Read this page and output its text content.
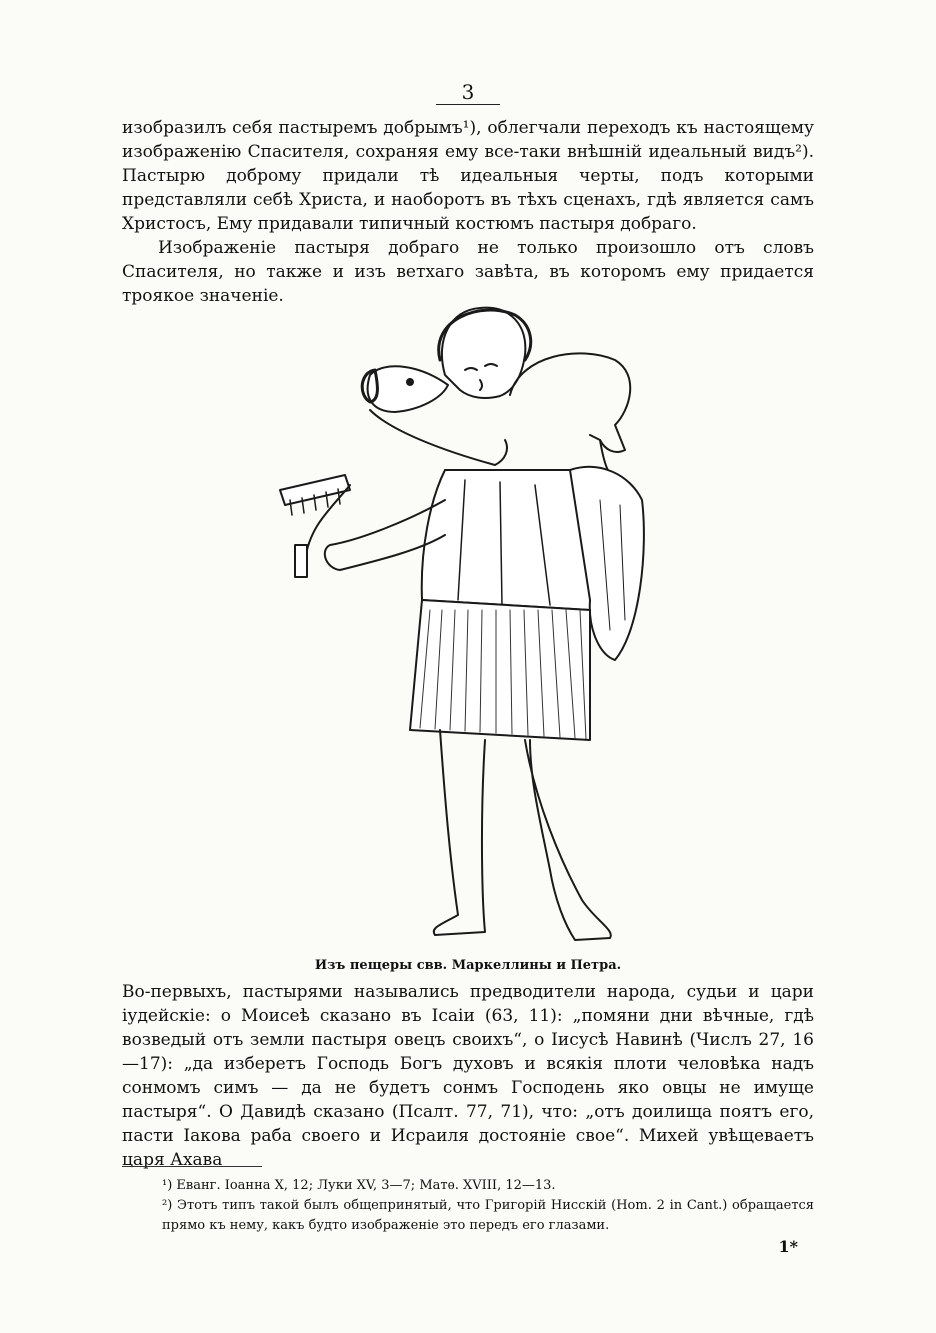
3

изобразилъ себя пастыремъ добрымъ¹), облегчали переходъ къ настоящему изображенію Спасителя, сохраняя ему все-таки внѣшній идеальный видъ²). Пастырю доброму придали тѣ идеальныя черты, подъ которыми представляли себѣ Христа, и наоборотъ въ тѣхъ сценахъ, гдѣ является самъ Христосъ, Ему придавали типичный костюмъ пастыря добраго.

Изображеніе пастыря добраго не только произошло отъ словъ Спасителя, но также и изъ ветхаго завѣта, въ которомъ ему придается троякое значеніе.

Изъ пещеры свв. Маркеллины и Петра.

Во-первыхъ, пастырями назывались предводители народа, судьи и цари іудейскіе: о Моисеѣ сказано въ Ісаіи (63, 11): „помяни дни вѣчные, гдѣ возведый отъ земли пастыря овецъ своихъ“, о Іисусѣ Навинѣ (Числъ 27, 16—17): „да изберетъ Господь Богъ духовъ и всякія плоти человѣка надъ сонмомъ симъ — да не будетъ сонмъ Господень яко овцы не имуще пастыря“. О Давидѣ сказано (Псалт. 77, 71), что: „отъ доилища поятъ его, пасти Іакова раба своего и Исраиля достояніе свое“. Михей увѣщеваетъ царя Ахава

¹) Еванг. Іоанна X, 12; Луки XV, 3—7; Матѳ. XVIII, 12—13.

²) Этотъ типъ такой былъ общепринятый, что Григорій Нисскій (Hom. 2 in Cant.) обращается прямо къ нему, какъ будто изображеніе это передъ его глазами.

1*
